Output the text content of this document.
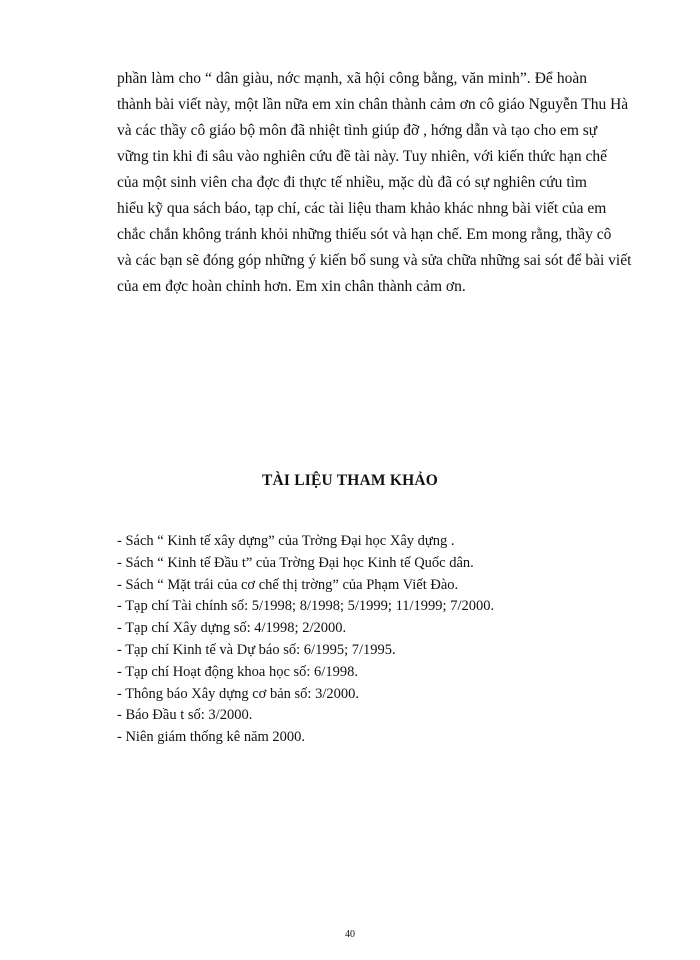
phần làm cho “ dân giàu, nớc mạnh, xã hội công bằng, văn minh”. Để hoàn
thành bài viết này, một lần nữa em xin chân thành cảm ơn cô giáo Nguyễn Thu Hà
và các thầy cô giáo bộ môn đã nhiệt tình giúp đỡ , hớng dẫn và tạo cho em sự
vững tin khi đi sâu vào nghiên cứu đề tài này. Tuy nhiên, với kiến thức hạn chế
của một sinh viên cha đợc đi thực tế nhiều, mặc dù đã có sự nghiên cứu tìm
hiểu kỹ qua sách báo, tạp chí, các tài liệu tham khảo khác nhng bài viết của em
chắc chắn không tránh khỏi những thiếu sót và hạn chế. Em mong rằng, thầy cô
và các bạn sẽ đóng góp những ý kiến bổ sung và sửa chữa những sai sót để bài viết
của em đợc hoàn chỉnh hơn. Em xin chân thành cảm ơn.
TÀI LIỆU THAM KHẢO
- Sách “ Kinh tế xây dựng” của Trờng Đại học Xây dựng .
- Sách “ Kinh tế Đầu t” của Trờng Đại học Kinh tế Quốc dân.
- Sách “ Mặt trái của cơ chế thị trờng” của Phạm Viết Đào.
- Tạp chí Tài chính số: 5/1998; 8/1998; 5/1999; 11/1999; 7/2000.
- Tạp chí Xây dựng số: 4/1998; 2/2000.
- Tạp chí Kinh tế và Dự báo số: 6/1995; 7/1995.
- Tạp chí Hoạt động khoa học số: 6/1998.
- Thông báo Xây dựng cơ bản số: 3/2000.
- Báo Đầu t số: 3/2000.
- Niên giám thống kê năm 2000.
40
